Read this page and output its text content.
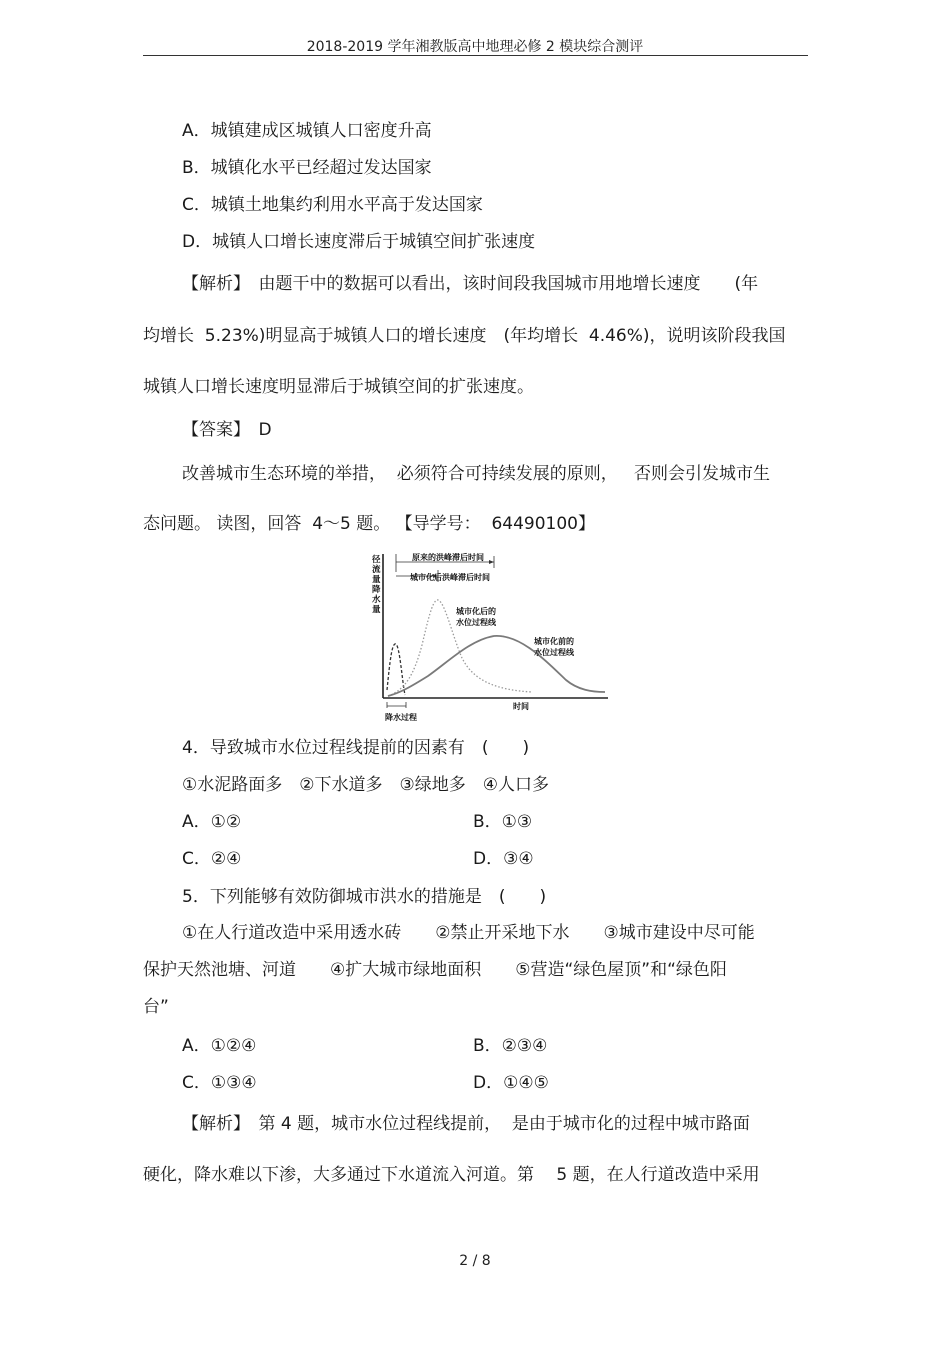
2018-2019 学年湘教版高中地理必修 2 模块综合测评
A．城镇建成区城镇人口密度升高
B．城镇化水平已经超过发达国家
C．城镇土地集约利用水平高于发达国家
D．城镇人口增长速度滞后于城镇空间扩张速度
【解析】　由题干中的数据可以看出，该时间段我国城市用地增长速度　　(年
均增长  5.23%)明显高于城镇人口的增长速度　(年均增长  4.46%)，说明该阶段我国
城镇人口增长速度明显滞后于城镇空间的扩张速度。
【答案】　D
改善城市生态环境的举措，  必须符合可持续发展的原则，   否则会引发城市生
态问题。 读图，回答  4～5 题。 【导学号：  64490100】
径
流
量
降
水
量
原来的洪峰滞后时间
城市化后洪峰滞后时间
城市化后的
水位过程线
城市化前的
水位过程线
时间
降水过程
4．导致城市水位过程线提前的因素有　(　　)
①水泥路面多　②下水道多　③绿地多　④人口多
A．①②	B．①③
C．②④	D．③④
5．下列能够有效防御城市洪水的措施是　(　　)
①在人行道改造中采用透水砖　　②禁止开采地下水　　③城市建设中尽可能
保护天然池塘、河道　　④扩大城市绿地面积　　⑤营造“绿色屋顶”和“绿色阳
台”
A．①②④	B．②③④
C．①③④	D．①④⑤
【解析】　第 4 题，城市水位过程线提前，  是由于城市化的过程中城市路面
硬化，降水难以下渗，大多通过下水道流入河道。第　 5 题，在人行道改造中采用
2 / 8
